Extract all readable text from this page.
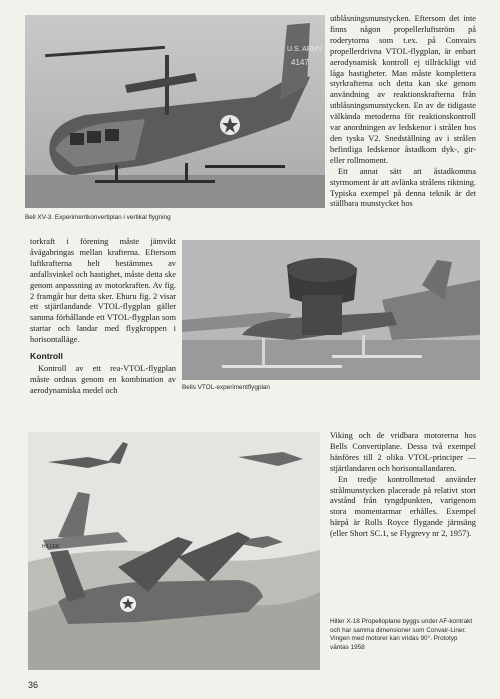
U.S. ARMY
4147
Bell XV-3. Experimentkonvertiplan i vertikal flygning

utblåsningsmunstycken. Eftersom det inte finns någon propellerluftström på roderytorna som t.ex. på Convairs propellerdrivna VTOL-flygplan, är enbart aerodynamisk kontroll ej tillräckligt vid låga hastigheter. Man måste komplettera styrkrafterna och detta kan ske genom användning av reaktionskrafterna från utblåsningsmunstycken. En av de tidigaste välkända metoderna för reaktionskontroll var anordningen av ledskenor i strålen hos den tyska V2. Snedställning av i strålen befintliga ledskenor åstadkom dyk-, gir- eller rollmoment.

Ett annat sätt att åstadkomma styrmoment är att avlänka strålens riktning. Typiska exempel på denna teknik är det ställbara munstycket hos

torkraft i förening måste jämvikt åvägabringas mellan krafterna. Eftersom luftkrafterna helt bestämmes av anfallsvinkel och hastighet, måste detta ske genom anpassning av motorkraften. Av fig. 2 framgår hur detta sker. Ehuru fig. 2 visar ett stjärtlandande VTOL-flygplan gäller samma förhållande ett VTOL-flygplan som startar och landar med flygkroppen i horisontalläge.

Kontroll

Kontroll av ett rea-VTOL-flygplan måste ordnas genom en kombination av aerodynamiska medel och	Bells VTOL-experimentflygplan
HILLER

Viking och de vridbara motorerna hos Bells Convertiplane. Dessa två exempel hänföres till 2 olika VTOL-principer — stjärtlandaren och horisontallandaren.

En tredje kontrollmetod använder strålmunstycken placerade på relativt stort avstånd från tyngdpunkten, varigenom stora momentarmar erhålles. Exempel härpå är Rolls Royce flygande järnsäng (eller Short SC.1, se Flygrevy nr 2, 1957).

Hiller X-18 Propelloplane byggs under AF-kontrakt och har samma dimensioner som Convair-Liner. Vingen med motorer kan vridas 90°. Prototyp väntas 1958
36
